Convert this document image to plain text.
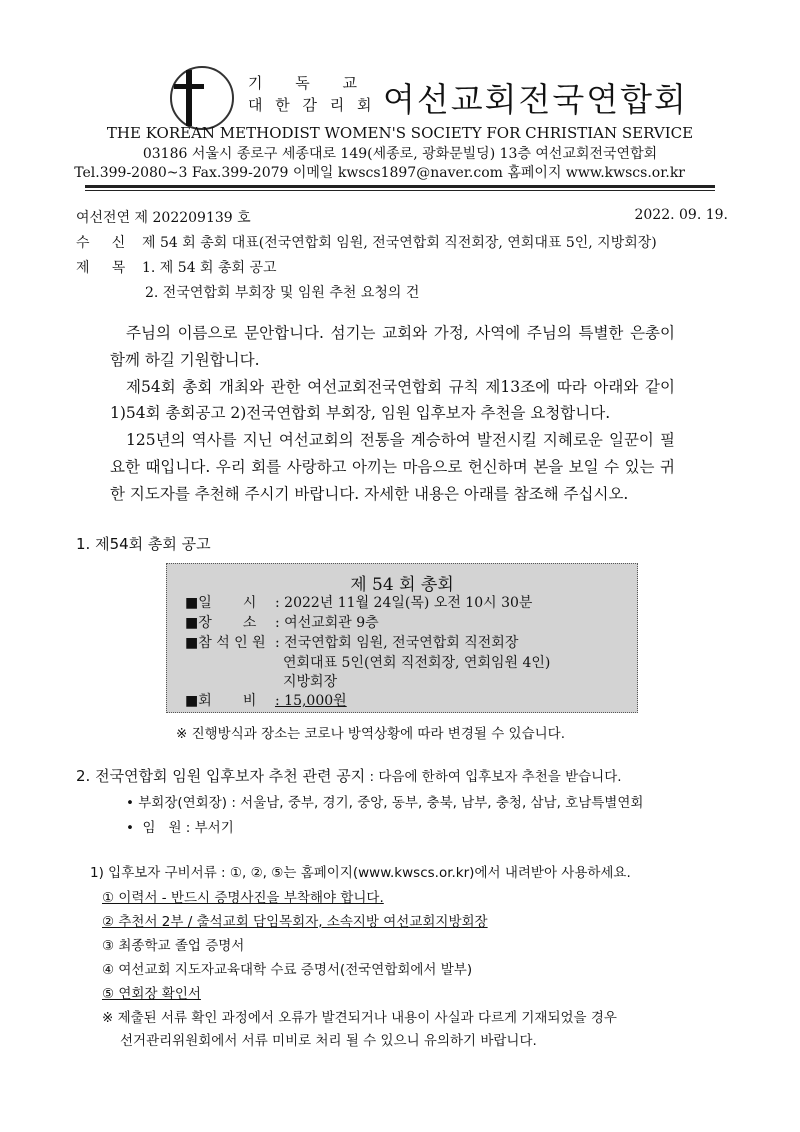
기 독 교
대 한 감 리 회 여선교회전국연합회
THE KOREAN METHODIST WOMEN'S SOCIETY FOR CHRISTIAN SERVICE
03186 서울시 종로구 세종대로 149(세종로, 광화문빌딩) 13층 여선교회전국연합회
Tel.399-2080~3 Fax.399-2079 이메일 kwscs1897@naver.com 홈페이지 www.kwscs.or.kr
여선전연 제 202209139 호	2022. 09. 19.
수     신 제 54 회 총회 대표(전국연합회 임원, 전국연합회 직전회장, 연회대표 5인, 지방회장)
제     목 1. 제 54 회 총회 공고
2. 전국연합회 부회장 및 임원 추천 요청의 건

주님의 이름으로 문안합니다. 섬기는 교회와 가정, 사역에 주님의 특별한 은총이 함께 하길 기원합니다.

제54회 총회 개최와 관한 여선교회전국연합회 규칙 제13조에 따라 아래와 같이 1)54회 총회공고 2)전국연합회 부회장, 임원 입후보자 추천을 요청합니다.

125년의 역사를 지닌 여선교회의 전통을 계승하여 발전시킬 지혜로운 일꾼이 필요한 때입니다. 우리 회를 사랑하고 아끼는 마음으로 헌신하며 본을 보일 수 있는 귀한 지도자를 추천해 주시기 바랍니다. 자세한 내용은 아래를 참조해 주십시오.

1. 제54회 총회 공고
제 54 회 총회
■일       시 : 2022년 11월 24일(목) 오전 10시 30분
■장       소 : 여선교회관 9층
■참 석 인 원 : 전국연합회 임원, 전국연합회 직전회장
연회대표 5인(연회 직전회장, 연회임원 4인)
지방회장
■회       비 : 15,000원
※ 진행방식과 장소는 코로나 방역상황에 따라 변경될 수 있습니다.
2. 전국연합회 임원 입후보자 추천 관련 공지 : 다음에 한하여 입후보자 추천을 받습니다.
• 부회장(연회장) : 서울남, 중부, 경기, 중앙, 동부, 충북, 남부, 충청, 삼남, 호남특별연회
•  임   원 : 부서기
1) 입후보자 구비서류 : ①, ②, ⑤는 홈페이지(www.kwscs.or.kr)에서 내려받아 사용하세요.
① 이력서 - 반드시 증명사진을 부착해야 합니다.
② 추천서 2부 / 출석교회 담임목회자, 소속지방 여선교회지방회장
③ 최종학교 졸업 증명서
④ 여선교회 지도자교육대학 수료 증명서(전국연합회에서 발부)
⑤ 연회장 확인서
※ 제출된 서류 확인 과정에서 오류가 발견되거나 내용이 사실과 다르게 기재되었을 경우
선거관리위원회에서 서류 미비로 처리 될 수 있으니 유의하기 바랍니다.
